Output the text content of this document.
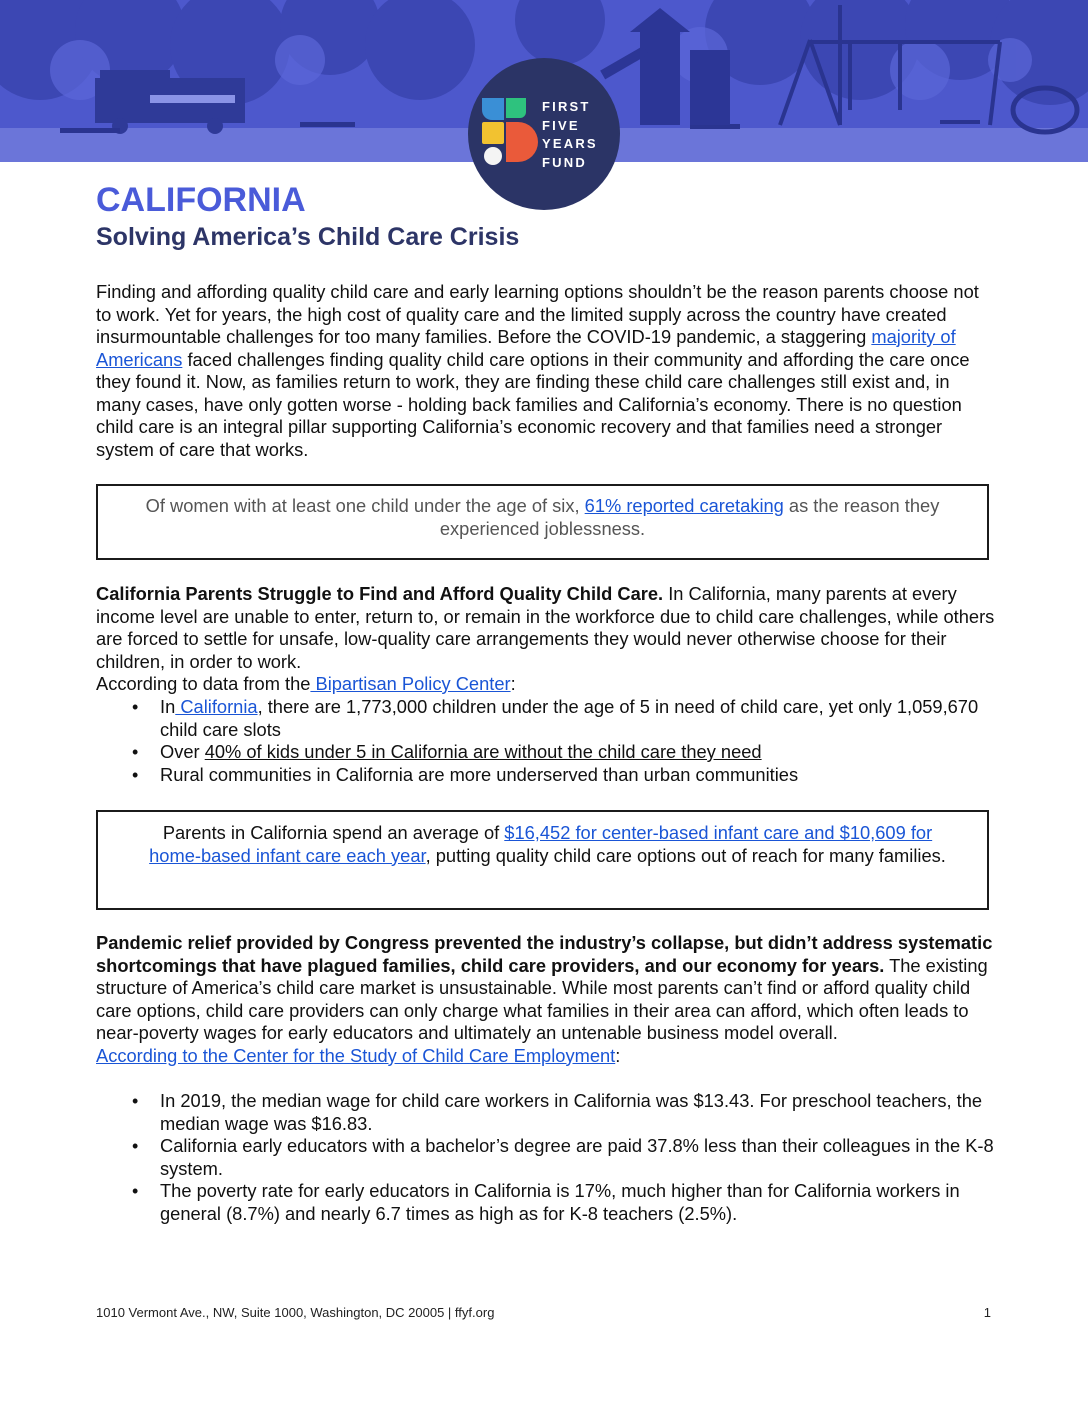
FIRST
FIVE
YEARS
FUND
CALIFORNIA
Solving America’s Child Care Crisis

Finding and affording quality child care and early learning options shouldn’t be the reason parents choose not to work. Yet for years, the high cost of quality care and the limited supply across the country have created insurmountable challenges for too many families. Before the COVID-19 pandemic, a staggering majority of Americans faced challenges finding quality child care options in their community and affording the care once they found it. Now, as families return to work, they are finding these child care challenges still exist and, in many cases, have only gotten worse - holding back families and California’s economy. There is no question child care is an integral pillar supporting California’s economic recovery and that families need a stronger system of care that works.

Of women with at least one child under the age of six, 61% reported caretaking as the reason they experienced joblessness.

California Parents Struggle to Find and Afford Quality Child Care. In California, many parents at every income level are unable to enter, return to, or remain in the workforce due to child care challenges, while others are forced to settle for unsafe, low-quality care arrangements they would never otherwise choose for their children, in order to work.
According to data from the Bipartisan Policy Center:

• In California, there are 1,773,000 children under the age of 5 in need of child care, yet only 1,059,670 child care slots
• Over 40% of kids under 5 in California are without the child care they need
• Rural communities in California are more underserved than urban communities

Parents in California spend an average of $16,452 for center-based infant care and $10,609 for home-based infant care each year, putting quality child care options out of reach for many families.

Pandemic relief provided by Congress prevented the industry’s collapse, but didn’t address systematic shortcomings that have plagued families, child care providers, and our economy for years. The existing structure of America’s child care market is unsustainable. While most parents can’t find or afford quality child care options, child care providers can only charge what families in their area can afford, which often leads to near-poverty wages for early educators and ultimately an untenable business model overall.
According to the Center for the Study of Child Care Employment:

• In 2019, the median wage for child care workers in California was $13.43. For preschool teachers, the median wage was $16.83.
• California early educators with a bachelor’s degree are paid 37.8% less than their colleagues in the K-8 system.
• The poverty rate for early educators in California is 17%, much higher than for California workers in general (8.7%) and nearly 6.7 times as high as for K-8 teachers (2.5%).
1010 Vermont Ave., NW, Suite 1000, Washington, DC 20005 | ffyf.org	1
